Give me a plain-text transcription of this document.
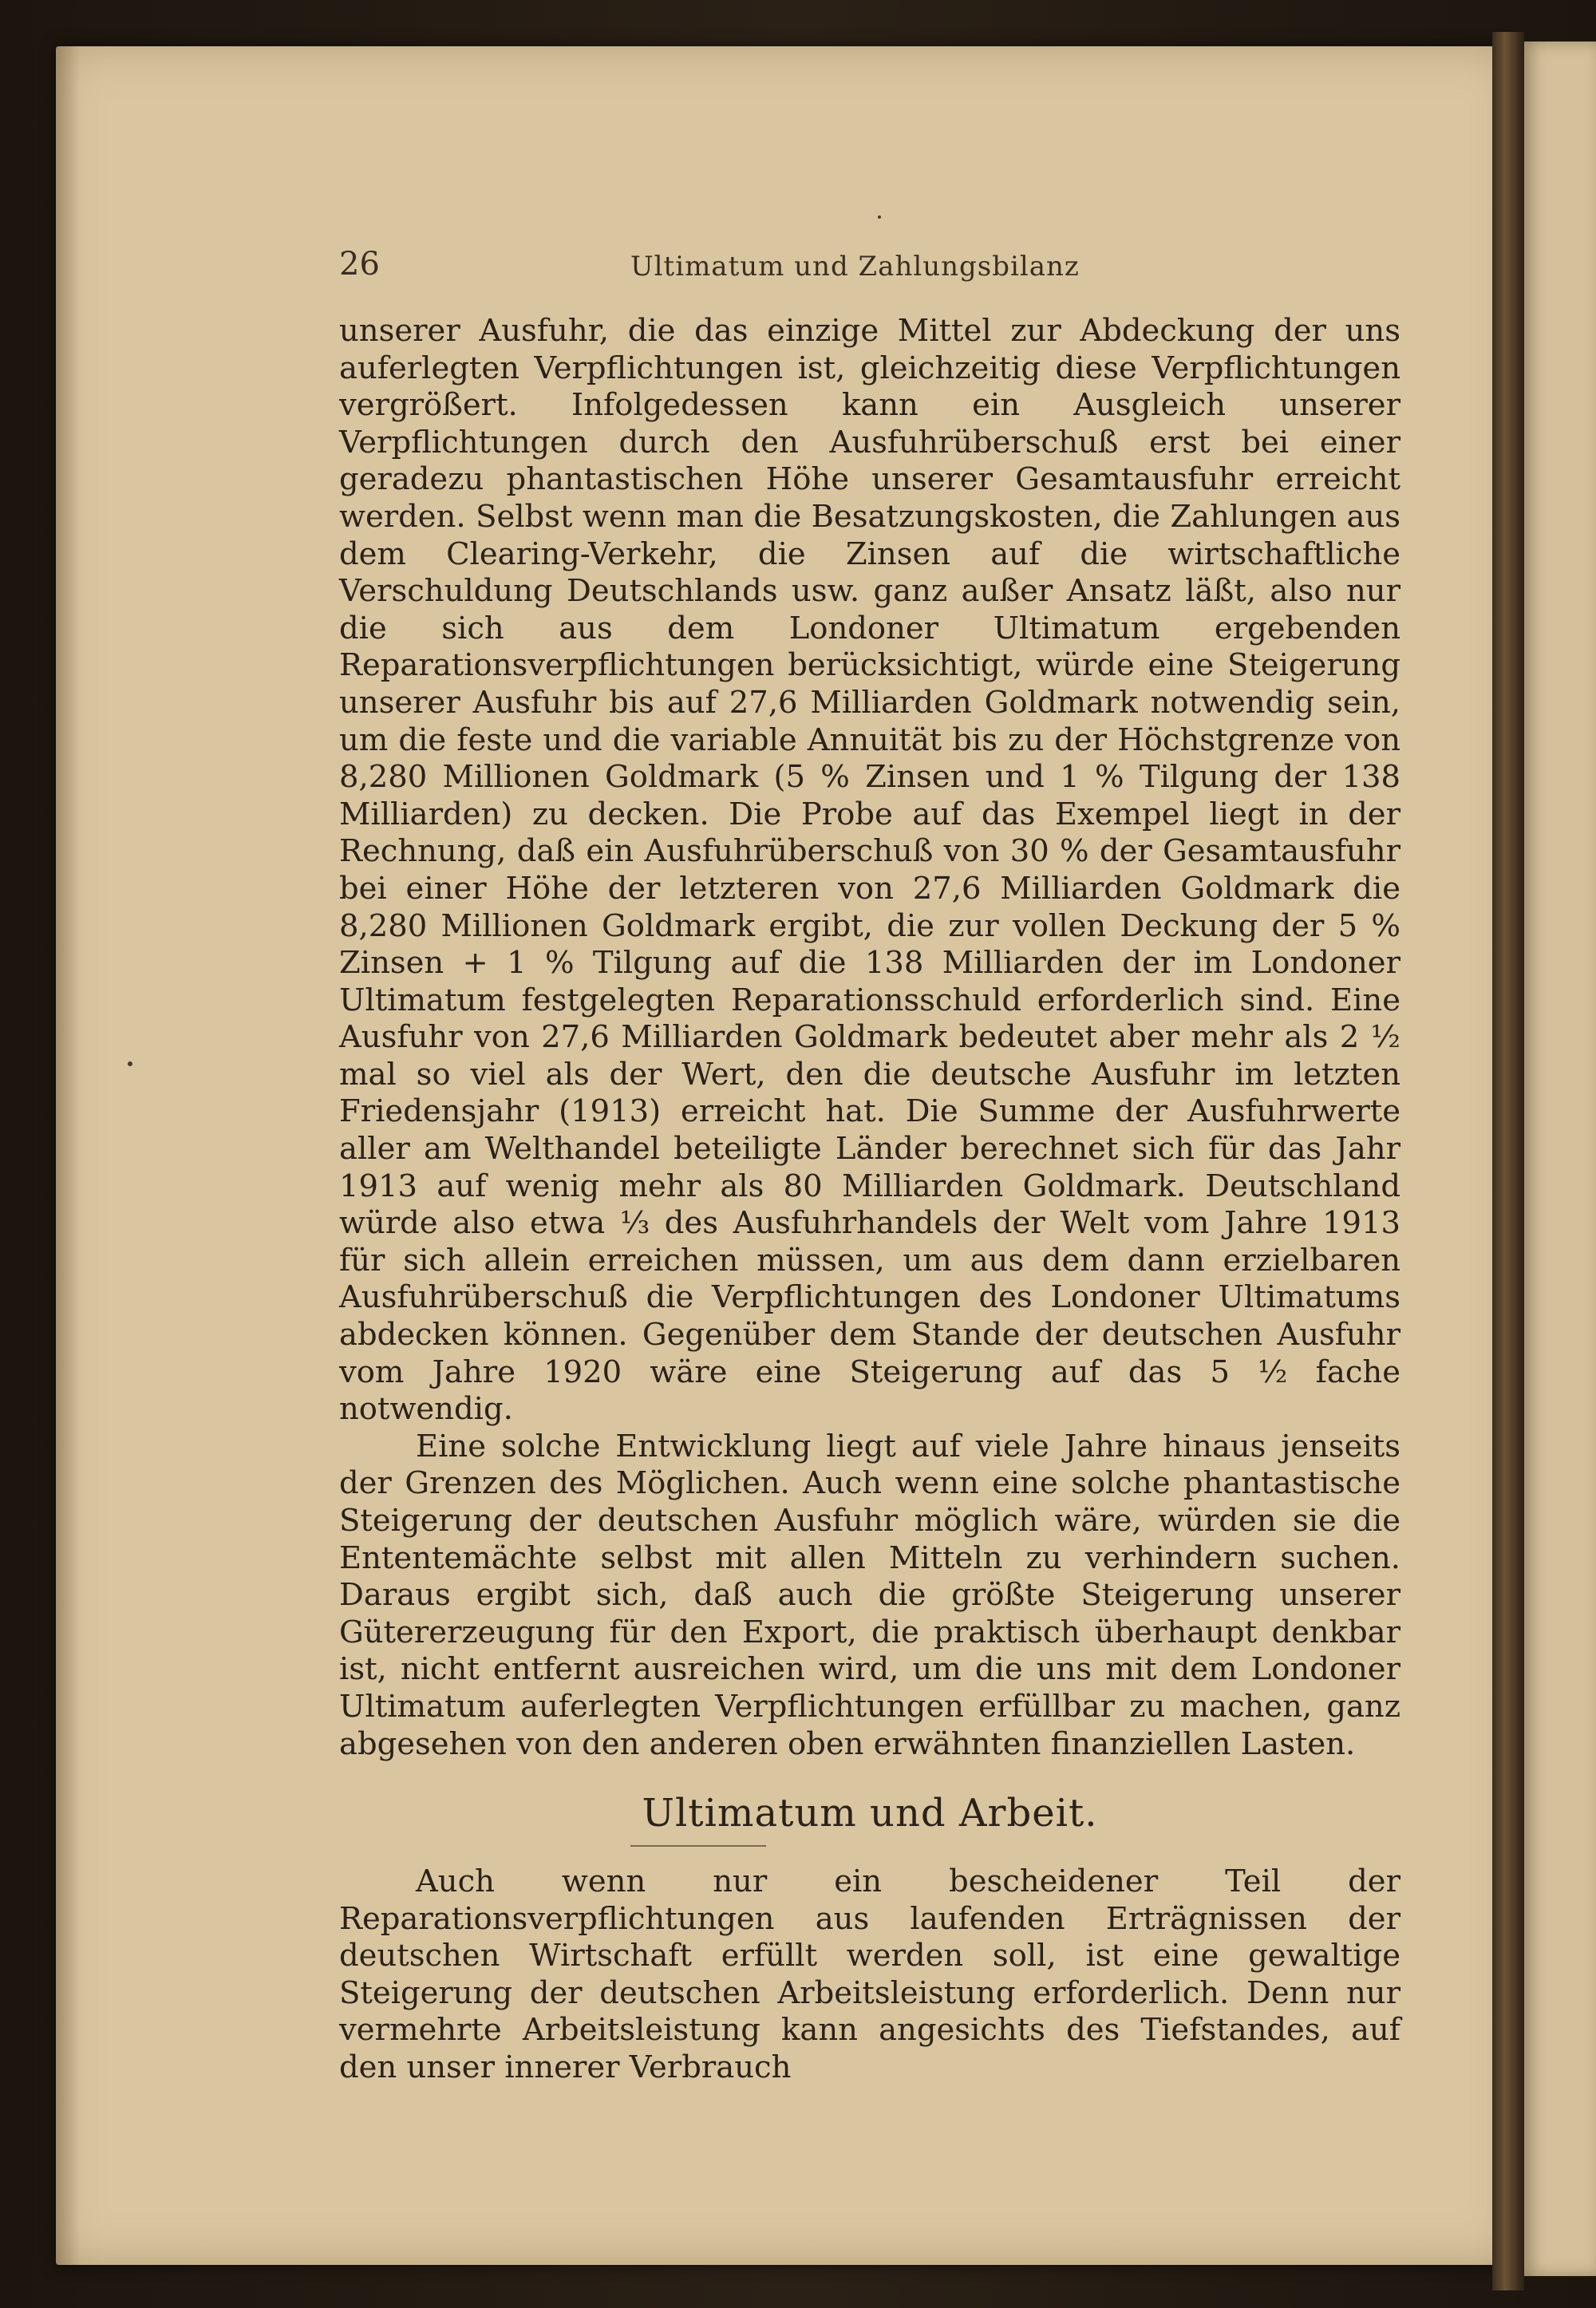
26	Ultimatum und Zahlungsbilanz

unserer Ausfuhr, die das einzige Mittel zur Abdeckung der uns auferlegten Verpflichtungen ist, gleichzeitig diese Verpflichtungen vergrößert. Infolgedessen kann ein Ausgleich unserer Verpflichtungen durch den Ausfuhrüberschuß erst bei einer geradezu phantastischen Höhe unserer Gesamtausfuhr erreicht werden. Selbst wenn man die Besatzungskosten, die Zahlungen aus dem Clearing-Verkehr, die Zinsen auf die wirtschaftliche Verschuldung Deutschlands usw. ganz außer Ansatz läßt, also nur die sich aus dem Londoner Ultimatum ergebenden Reparationsverpflichtungen berücksichtigt, würde eine Steigerung unserer Ausfuhr bis auf 27,6 Milliarden Goldmark notwendig sein, um die feste und die variable Annuität bis zu der Höchstgrenze von 8,280 Millionen Goldmark (5 % Zinsen und 1 % Tilgung der 138 Milliarden) zu decken. Die Probe auf das Exempel liegt in der Rechnung, daß ein Ausfuhrüberschuß von 30 % der Gesamtausfuhr bei einer Höhe der letzteren von 27,6 Milliarden Goldmark die 8,280 Millionen Goldmark ergibt, die zur vollen Deckung der 5 % Zinsen + 1 % Tilgung auf die 138 Milliarden der im Londoner Ultimatum festgelegten Reparationsschuld erforderlich sind. Eine Ausfuhr von 27,6 Milliarden Goldmark bedeutet aber mehr als 2 ½ mal so viel als der Wert, den die deutsche Ausfuhr im letzten Friedensjahr (1913) erreicht hat. Die Summe der Ausfuhrwerte aller am Welthandel beteiligte Länder berechnet sich für das Jahr 1913 auf wenig mehr als 80 Milliarden Goldmark. Deutschland würde also etwa ⅓ des Ausfuhrhandels der Welt vom Jahre 1913 für sich allein erreichen müssen, um aus dem dann erzielbaren Ausfuhrüberschuß die Verpflichtungen des Londoner Ultimatums abdecken können. Gegenüber dem Stande der deutschen Ausfuhr vom Jahre 1920 wäre eine Steigerung auf das 5 ½ fache notwendig.

Eine solche Entwicklung liegt auf viele Jahre hinaus jenseits der Grenzen des Möglichen. Auch wenn eine solche phantastische Steigerung der deutschen Ausfuhr möglich wäre, würden sie die Ententemächte selbst mit allen Mitteln zu verhindern suchen. Daraus ergibt sich, daß auch die größte Steigerung unserer Gütererzeugung für den Export, die praktisch überhaupt denkbar ist, nicht entfernt ausreichen wird, um die uns mit dem Londoner Ultimatum auferlegten Verpflichtungen erfüllbar zu machen, ganz abgesehen von den anderen oben erwähnten finanziellen Lasten.

Ultimatum und Arbeit.

Auch wenn nur ein bescheidener Teil der Reparationsverpflichtungen aus laufenden Erträgnissen der deutschen Wirtschaft erfüllt werden soll, ist eine gewaltige Steigerung der deutschen Arbeitsleistung erforderlich. Denn nur vermehrte Arbeitsleistung kann angesichts des Tiefstandes, auf den unser innerer Verbrauch
